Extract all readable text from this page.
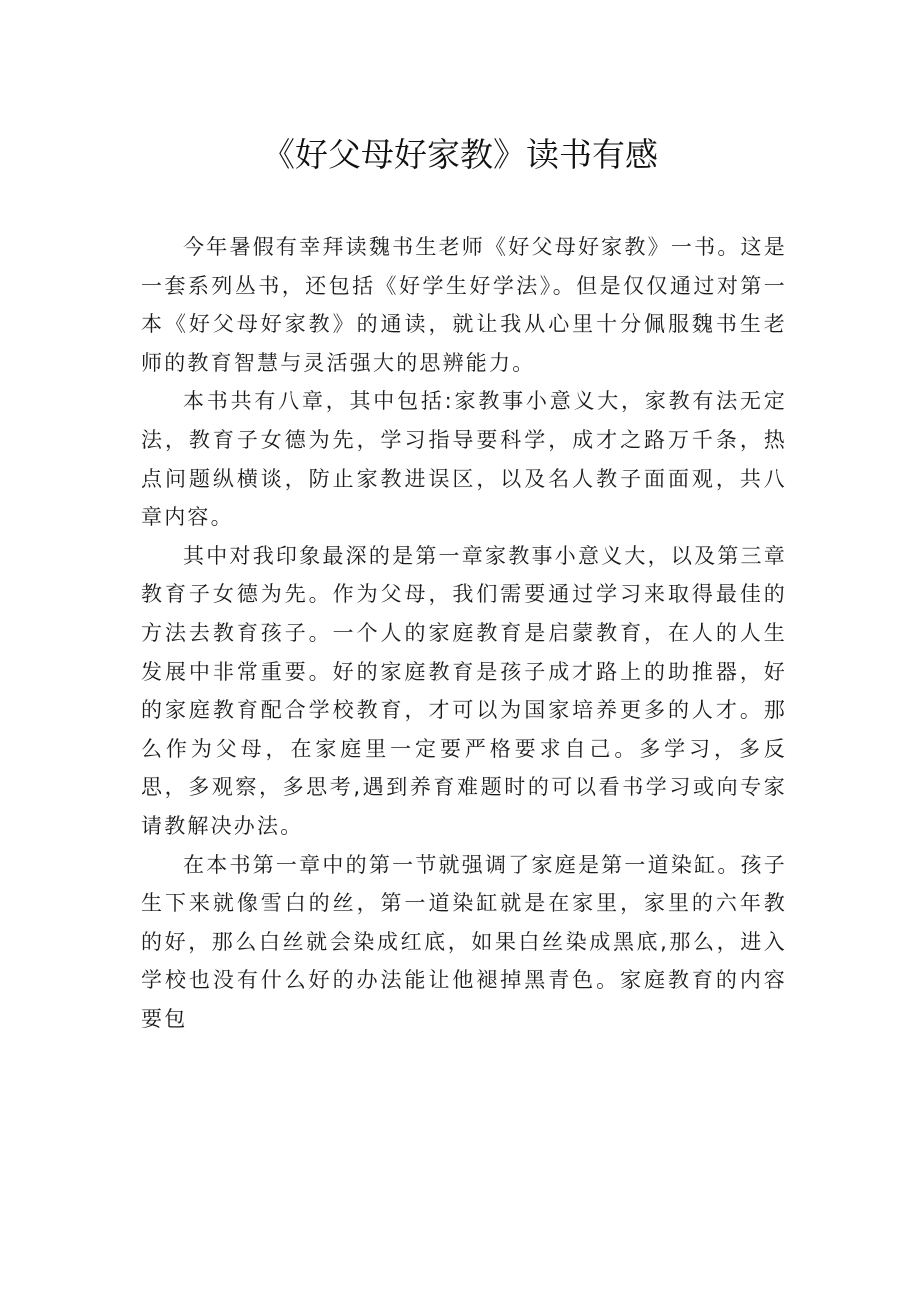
《好父母好家教》读书有感

今年暑假有幸拜读魏书生老师《好父母好家教》一书。这是一套系列丛书，还包括《好学生好学法》。但是仅仅通过对第一本《好父母好家教》的通读，就让我从心里十分佩服魏书生老师的教育智慧与灵活强大的思辨能力。

本书共有八章，其中包括:家教事小意义大，家教有法无定法，教育子女德为先，学习指导要科学，成才之路万千条，热点问题纵横谈，防止家教进误区，以及名人教子面面观，共八章内容。

其中对我印象最深的是第一章家教事小意义大，以及第三章教育子女德为先。作为父母，我们需要通过学习来取得最佳的方法去教育孩子。一个人的家庭教育是启蒙教育，在人的人生发展中非常重要。好的家庭教育是孩子成才路上的助推器，好的家庭教育配合学校教育，才可以为国家培养更多的人才。那么作为父母，在家庭里一定要严格要求自己。多学习，多反思，多观察，多思考,遇到养育难题时的可以看书学习或向专家请教解决办法。

在本书第一章中的第一节就强调了家庭是第一道染缸。孩子生下来就像雪白的丝，第一道染缸就是在家里，家里的六年教的好，那么白丝就会染成红底，如果白丝染成黑底,那么，进入学校也没有什么好的办法能让他褪掉黑青色。家庭教育的内容要包
